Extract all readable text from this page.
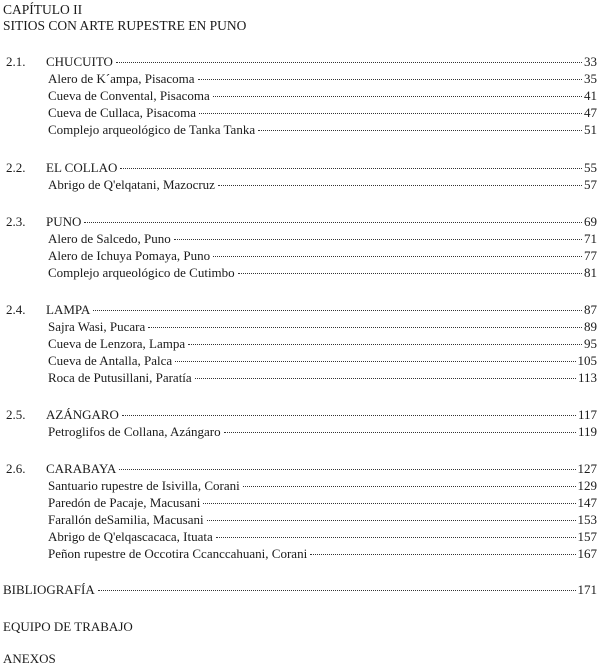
CAPÍTULO II
SITIOS CON ARTE RUPESTRE EN PUNO
2.1.	CHUCUITO	33
Alero de K´ampa, Pisacoma	35
Cueva de Convental, Pisacoma	41
Cueva de Cullaca, Pisacoma	47
Complejo arqueológico de Tanka Tanka	51
2.2.	EL COLLAO	55
Abrigo de Q'elqatani, Mazocruz	57
2.3.	PUNO	69
Alero de Salcedo, Puno	71
Alero de Ichuya Pomaya, Puno	77
Complejo arqueológico de Cutimbo	81
2.4.	LAMPA	87
Sajra Wasi, Pucara	89
Cueva de Lenzora, Lampa	95
Cueva de Antalla, Palca	105
Roca de Putusillani, Paratía	113
2.5.	AZÁNGARO	117
Petroglifos de Collana, Azángaro	119
2.6.	CARABAYA	127
Santuario rupestre de Isivilla, Corani	129
Paredón de Pacaje, Macusani	147
Farallón deSamilia, Macusani	153
Abrigo de Q'elqascacaca, Ituata	157
Peñon rupestre de Occotira Ccanccahuani, Corani	167
BIBLIOGRAFÍA	171
EQUIPO DE TRABAJO
ANEXOS
